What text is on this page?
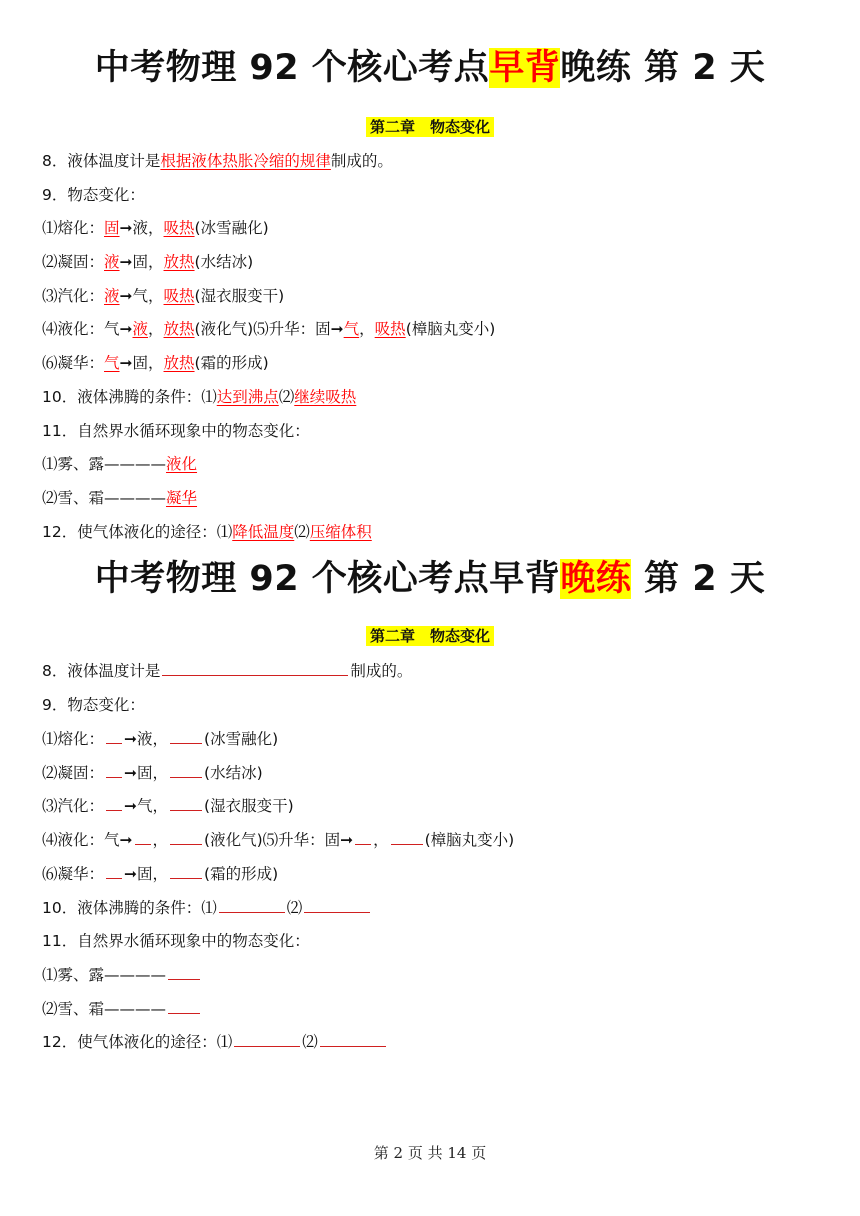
中考物理 92 个核心考点早背晚练 第 2 天
第二章　物态变化
8．液体温度计是根据液体热胀冷缩的规律制成的。
9．物态变化：
⑴熔化：固➞液，吸热(冰雪融化)
⑵凝固：液➞固，放热(水结冰)
⑶汽化：液➞气，吸热(湿衣服变干)
⑷液化：气➞液，放热(液化气)⑸升华：固➞气，吸热(樟脑丸变小)
⑹凝华：气➞固，放热(霜的形成)
10．液体沸腾的条件：⑴达到沸点⑵继续吸热
11．自然界水循环现象中的物态变化：
⑴雾、露————液化
⑵雪、霜————凝华
12．使气体液化的途径：⑴降低温度⑵压缩体积
中考物理 92 个核心考点早背晚练 第 2 天
第二章　物态变化
8．液体温度计是	制成的。
9．物态变化：
⑴熔化： ➞液， (冰雪融化)
⑵凝固： ➞固， (水结冰)
⑶汽化： ➞气， (湿衣服变干)
⑷液化：气➞ ， (液化气)⑸升华：固➞ ， (樟脑丸变小)
⑹凝华： ➞固， (霜的形成)
10．液体沸腾的条件：⑴	⑵
11．自然界水循环现象中的物态变化：
⑴雾、露————
⑵雪、霜————
12．使气体液化的途径：⑴	⑵
第 2 页 共 14 页
